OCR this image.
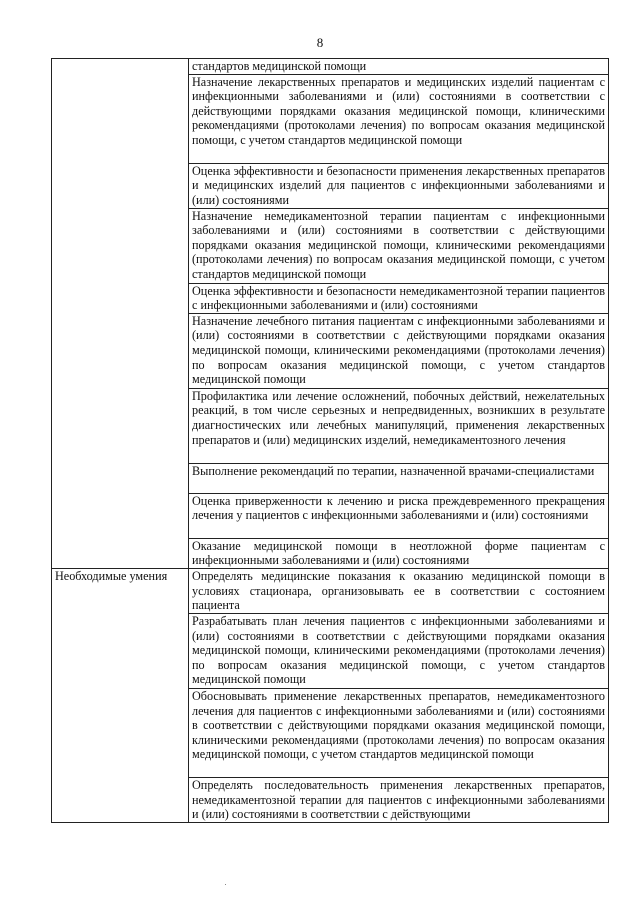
8

	стандартов медицинской помощи

	Назначение лекарственных препаратов и медицинских изделий пациентам с инфекционными заболеваниями и (или) состояниями в соответствии с действующими порядками оказания медицинской помощи, клиническими рекомендациями (протоколами лечения) по вопросам оказания медицинской помощи, с учетом стандартов медицинской помощи

	Оценка эффективности и безопасности применения лекарственных препаратов и медицинских изделий для пациентов с инфекционными заболеваниями и (или) состояниями

	Назначение немедикаментозной терапии пациентам с инфекционными заболеваниями и (или) состояниями в соответствии с действующими порядками оказания медицинской помощи, клиническими рекомендациями (протоколами лечения) по вопросам оказания медицинской помощи, с учетом стандартов медицинской помощи

	Оценка эффективности и безопасности немедикаментозной терапии пациентов с инфекционными заболеваниями и (или) состояниями

	Назначение лечебного питания пациентам с инфекционными заболеваниями и (или) состояниями в соответствии с действующими порядками оказания медицинской помощи, клиническими рекомендациями (протоколами лечения) по вопросам оказания медицинской помощи, с учетом стандартов медицинской помощи

	Профилактика или лечение осложнений, побочных действий, нежелательных реакций, в том числе серьезных и непредвиденных, возникших в результате диагностических или лечебных манипуляций, применения лекарственных препаратов и (или) медицинских изделий, немедикаментозного лечения

	Выполнение рекомендаций по терапии, назначенной врачами-специалистами

	Оценка приверженности к лечению и риска преждевременного прекращения лечения у пациентов с инфекционными заболеваниями и (или) состояниями

	Оказание медицинской помощи в неотложной форме пациентам с инфекционными заболеваниями и (или) состояниями

Необходимые умения	Определять медицинские показания к оказанию медицинской помощи в условиях стационара, организовывать ее в соответствии с состоянием пациента

	Разрабатывать план лечения пациентов с инфекционными заболеваниями и (или) состояниями в соответствии с действующими порядками оказания медицинской помощи, клиническими рекомендациями (протоколами лечения) по вопросам оказания медицинской помощи, с учетом стандартов медицинской помощи

	Обосновывать применение лекарственных препаратов, немедикаментозного лечения для пациентов с инфекционными заболеваниями и (или) состояниями в соответствии с действующими порядками оказания медицинской помощи, клиническими рекомендациями (протоколами лечения) по вопросам оказания медицинской помощи, с учетом стандартов медицинской помощи

	Определять последовательность применения лекарственных препаратов, немедикаментозной терапии для пациентов с инфекционными заболеваниями и (или) состояниями в соответствии с действующими
